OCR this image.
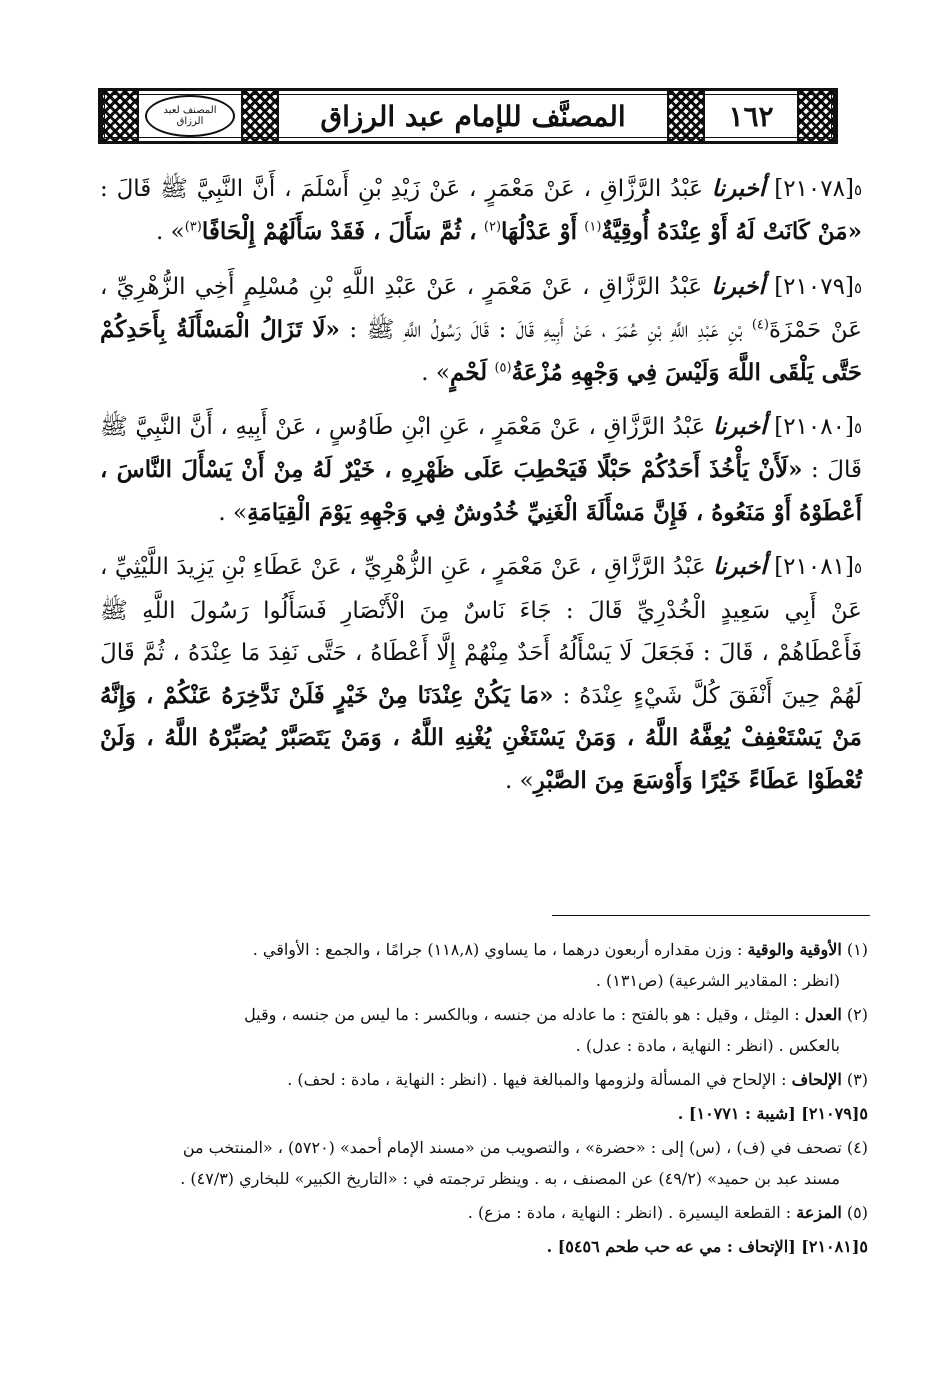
١٦٢
المصنَّف للإمام عبد الرزاق
المصنف لعبد الرزاق

٥[٢١٠٧٨] أخبرنا عَبْدُ الرَّزَّاقِ ، عَنْ مَعْمَرٍ ، عَنْ زَيْدِ بْنِ أَسْلَمَ ، أَنَّ النَّبِيَّ ﷺ قَالَ : «مَنْ كَانَتْ لَهُ أَوْ عِنْدَهُ أُوقِيَّةٌ$^{(١)}$ أَوْ عَدْلُهَا$^{(٢)}$ ، ثُمَّ سَأَلَ ، فَقَدْ سَأَلَهُمْ إِلْحَافًا$^{(٣)}$» .

٥[٢١٠٧٩] أخبرنا عَبْدُ الرَّزَّاقِ ، عَنْ مَعْمَرٍ ، عَنْ عَبْدِ اللَّهِ بْنِ مُسْلِمٍ أَخِي الزُّهْرِيِّ ، عَنْ حَمْزَةَ$^{(٤)}$ بْنِ عَبْدِ اللَّهِ بْنِ عُمَرَ ، عَنْ أَبِيهِ قَالَ : قَالَ رَسُولُ اللَّهِ ﷺ : «لَا تَزَالُ الْمَسْأَلَةُ بِأَحَدِكُمْ حَتَّى يَلْقَى اللَّهَ وَلَيْسَ فِي وَجْهِهِ مُزْعَةُ$^{(٥)}$ لَحْمٍ» .

٥[٢١٠٨٠] أخبرنا عَبْدُ الرَّزَّاقِ ، عَنْ مَعْمَرٍ ، عَنِ ابْنِ طَاوُسٍ ، عَنْ أَبِيهِ ، أَنَّ النَّبِيَّ ﷺ قَالَ : «لَأَنْ يَأْخُذَ أَحَدُكُمْ حَبْلًا فَيَحْطِبَ عَلَى ظَهْرِهِ ، خَيْرٌ لَهُ مِنْ أَنْ يَسْأَلَ النَّاسَ ، أَعْطَوْهُ أَوْ مَنَعُوهُ ، فَإِنَّ مَسْأَلَةَ الْغَنِيِّ خُدُوشٌ فِي وَجْهِهِ يَوْمَ الْقِيَامَةِ» .

٥[٢١٠٨١] أخبرنا عَبْدُ الرَّزَّاقِ ، عَنْ مَعْمَرٍ ، عَنِ الزُّهْرِيِّ ، عَنْ عَطَاءِ بْنِ يَزِيدَ اللَّيْثِيِّ ، عَنْ أَبِي سَعِيدٍ الْخُدْرِيِّ قَالَ : جَاءَ نَاسٌ مِنَ الْأَنْصَارِ فَسَأَلُوا رَسُولَ اللَّهِ ﷺ فَأَعْطَاهُمْ ، قَالَ : فَجَعَلَ لَا يَسْأَلُهُ أَحَدٌ مِنْهُمْ إِلَّا أَعْطَاهُ ، حَتَّى نَفِدَ مَا عِنْدَهُ ، ثُمَّ قَالَ لَهُمْ حِينَ أَنْفَقَ كُلَّ شَيْءٍ عِنْدَهُ : «مَا يَكُنْ عِنْدَنَا مِنْ خَيْرٍ فَلَنْ نَدَّخِرَهُ عَنْكُمْ ، وَإِنَّهُ مَنْ يَسْتَعْفِفْ يُعِفَّهُ اللَّهُ ، وَمَنْ يَسْتَغْنِ يُغْنِهِ اللَّهُ ، وَمَنْ يَتَصَبَّرْ يُصَبِّرْهُ اللَّهُ ، وَلَنْ تُعْطَوْا عَطَاءً خَيْرًا وَأَوْسَعَ مِنَ الصَّبْرِ» .

(١) الأوقية والوقية : وزن مقداره أربعون درهما ، ما يساوي (١١٨,٨) جرامًا ، والجمع : الأواقي .
(انظر : المقادير الشرعية) (ص١٣١) .
(٢) العدل : المِثل ، وقيل : هو بالفتح : ما عادله من جنسه ، وبالكسر : ما ليس من جنسه ، وقيل
بالعكس . (انظر : النهاية ، مادة : عدل) .
(٣) الإلحاف : الإلحاح في المسألة ولزومها والمبالغة فيها . (انظر : النهاية ، مادة : لحف) .
٥[٢١٠٧٩] [شيبة : ١٠٧٧١] .
(٤) تصحف في (ف) ، (س) إلى : «حضرة» ، والتصويب من «مسند الإمام أحمد» (٥٧٢٠) ، «المنتخب من
مسند عبد بن حميد» (٤٩/٢) عن المصنف ، به . وينظر ترجمته في : «التاريخ الكبير» للبخاري (٤٧/٣) .
(٥) المزعة : القطعة اليسيرة . (انظر : النهاية ، مادة : مزع) .
٥[٢١٠٨١] [الإتحاف : مي عه حب طحم ٥٤٥٦] .
